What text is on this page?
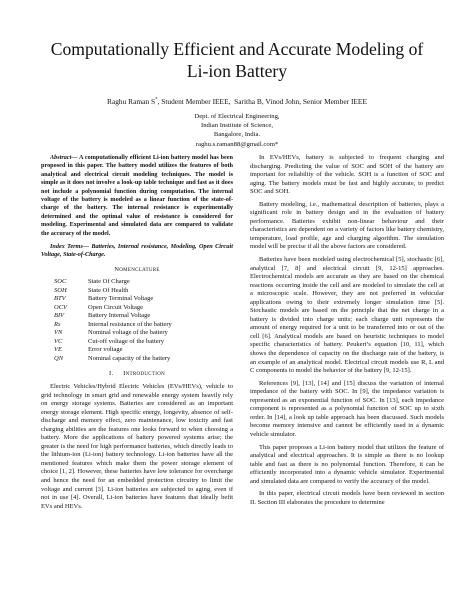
Computationally Efficient and Accurate Modeling of
Li-ion Battery
Raghu Raman S*, Student Member IEEE,  Saritha B, Vinod John, Senior Member IEEE
Dept. of Electrical Engineering,
Indian Institute of Science,
Bangalore, India.
raghu.s.raman88@gmail.com*

Abstract— A computationally efficient Li-ion battery model has been proposed in this paper. The battery model utilizes the features of both analytical and electrical circuit modeling techniques. The model is simple as it does not involve a look-up table technique and fast as it does not include a polynomial function during computation. The internal voltage of the battery is modeled as a linear function of the state-of-charge of the battery. The internal resistance is experimentally determined and the optimal value of resistance is considered for modeling. Experimental and simulated data are compared to validate the accuracy of the model.

Index Terms— Batteries, Internal resistance, Modeling, Open Circuit Voltage, State-of-Charge.

Nomenclature
SOC	State Of Charge
SOH	State Of Health
BTV	Battery Terminal Voltage
OCV	Open Circuit Voltage
BIV	Battery Internal Voltage
Rs	Internal resistance of the battery
VN	Nominal voltage of the battery
VC	Cut-off voltage of the battery
VE	Error voltage
QN	Nominal capacity of the battery
I.     Introduction

Electric Vehicles/Hybrid Electric Vehicles (EVs/HEVs), vehicle to grid technology in smart grid and renewable energy system heavily rely on energy storage systems. Batteries are considered as an important energy storage element. High specific energy, longevity, absence of self-discharge and memory effect, zero maintenance, low toxicity and fast charging abilities are the features one looks forward to when choosing a battery. More the applications of battery powered systems arise; the greater is the need for high performance batteries, which directly leads to the lithium-ion (Li-ion) battery technology. Li-ion batteries have all the mentioned features which make them the power storage element of choice [1, 2]. However, these batteries have low tolerance for overcharge and hence the need for an embedded protection circuitry to limit the voltage and current [3]. Li-ion batteries are subjected to aging, even if not in use [4]. Overall, Li-ion batteries have features that ideally befit EVs and HEVs.

In EVs/HEVs, battery is subjected to frequent charging and discharging. Predicting the value of SOC and SOH of the battery are important for reliability of the vehicle. SOH is a function of SOC and aging. The battery models must be fast and highly accurate, to predict SOC and SOH.

Battery modeling, i.e., mathematical description of batteries, plays a significant role in battery design and in the evaluation of battery performance. Batteries exhibit non-linear behaviour and their characteristics are dependent on a variety of factors like battery chemistry, temperature, load profile, age and charging algorithm. The simulation model will be precise if all the above factors are considered.

Batteries have been modeled using electrochemical [5], stochastic [6], analytical [7, 8] and electrical circuit [9, 12-15] approaches. Electrochemical models are accurate as they are based on the chemical reactions occurring inside the cell and are modeled to simulate the cell at a microscopic scale. However, they are not preferred in vehicular applications owing to their extremely longer simulation time [5]. Stochastic models are based on the principle that the net charge in a battery is divided into charge units; each charge unit represents the amount of energy required for a unit to be transferred into or out of the cell [6]. Analytical models are based on heuristic techniques to model specific characteristics of battery. Peukert’s equation [10, 11], which shows the dependence of capacity on the discharge rate of the battery, is an example of an analytical model. Electrical circuit models use R, L and C components to model the behavior of the battery [9, 12-15].

References [9], [13], [14] and [15] discuss the variation of internal impedance of the battery with SOC. In [9], the impedance variation is represented as an exponential function of SOC. In [13], each impedance component is represented as a polynomial function of SOC up to sixth order. In [14], a look up table approach has been discussed. Such models become memory intensive and cannot be efficiently used in a dynamic vehicle simulator.

This paper proposes a Li-ion battery model that utilizes the feature of analytical and electrical approaches. It is simple as there is no lookup table and fast as there is no polynomial function. Therefore, it can be efficiently incorporated into a dynamic vehicle simulator. Experimental and simulated data are compared to verify the accuracy of the model.

In this paper, electrical circuit models have been reviewed in section II. Section III elaborates the procedure to determine
